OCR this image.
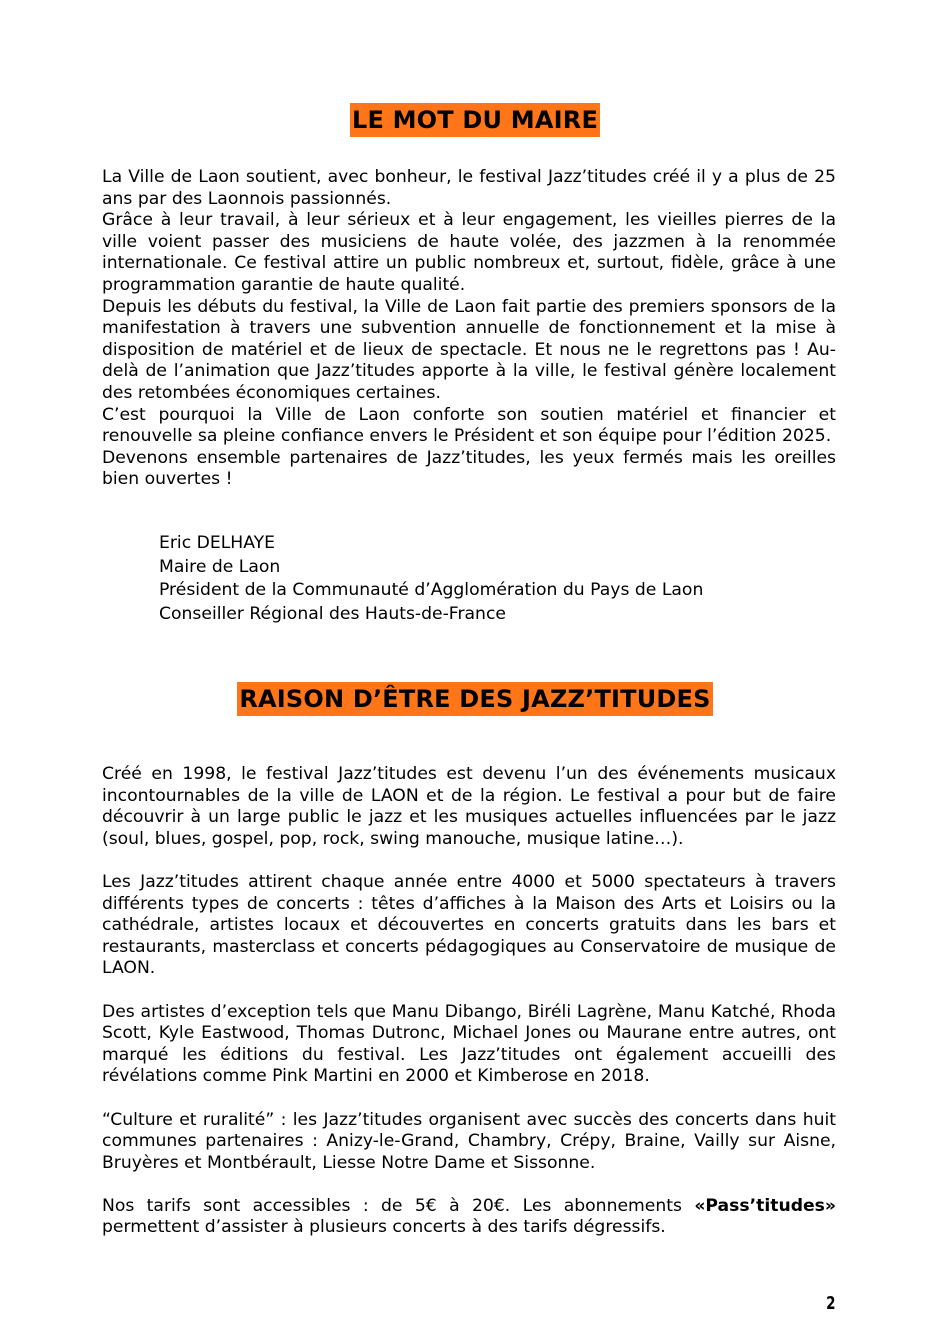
LE MOT DU MAIRE

La Ville de Laon soutient, avec bonheur, le festival Jazz’titudes créé il y a plus de 25 ans par des Laonnois passionnés.

Grâce à leur travail, à leur sérieux et à leur engagement, les vieilles pierres de la ville voient passer des musiciens de haute volée, des jazzmen à la renommée internationale. Ce festival attire un public nombreux et, surtout, fidèle, grâce à une programmation garantie de haute qualité.

Depuis les débuts du festival, la Ville de Laon fait partie des premiers sponsors de la manifestation à travers une subvention annuelle de fonctionnement et la mise à disposition de matériel et de lieux de spectacle. Et nous ne le regrettons pas ! Au-delà de l’animation que Jazz’titudes apporte à la ville, le festival génère localement des retombées économiques certaines.

C’est pourquoi la Ville de Laon conforte son soutien matériel et financier et renouvelle sa pleine confiance envers le Président et son équipe pour l’édition 2025.

Devenons ensemble partenaires de Jazz’titudes, les yeux fermés mais les oreilles bien ouvertes !

Eric DELHAYE
Maire de Laon
Président de la Communauté d’Agglomération du Pays de Laon
Conseiller Régional des Hauts-de-France
RAISON D’ÊTRE DES JAZZ’TITUDES

Créé en 1998, le festival Jazz’titudes est devenu l’un des événements musicaux incontournables de la ville de LAON et de la région. Le festival a pour but de faire découvrir à un large public le jazz et les musiques actuelles influencées par le jazz (soul, blues, gospel, pop, rock, swing manouche, musique latine…).

Les Jazz’titudes attirent chaque année entre 4000 et 5000 spectateurs à travers différents types de concerts : têtes d’affiches à la Maison des Arts et Loisirs ou la cathédrale, artistes locaux et découvertes en concerts gratuits dans les bars et restaurants, masterclass et concerts pédagogiques au Conservatoire de musique de LAON.

Des artistes d’exception tels que Manu Dibango, Biréli Lagrène, Manu Katché, Rhoda Scott, Kyle Eastwood, Thomas Dutronc, Michael Jones ou Maurane entre autres, ont marqué les éditions du festival. Les Jazz’titudes ont également accueilli des révélations comme Pink Martini en 2000 et Kimberose en 2018.

“Culture et ruralité” : les Jazz’titudes organisent avec succès des concerts dans huit communes partenaires : Anizy-le-Grand, Chambry, Crépy, Braine, Vailly sur Aisne, Bruyères et Montbérault, Liesse Notre Dame et Sissonne.

Nos tarifs sont accessibles : de 5€ à 20€. Les abonnements «Pass’titudes» permettent d’assister à plusieurs concerts à des tarifs dégressifs.

2
